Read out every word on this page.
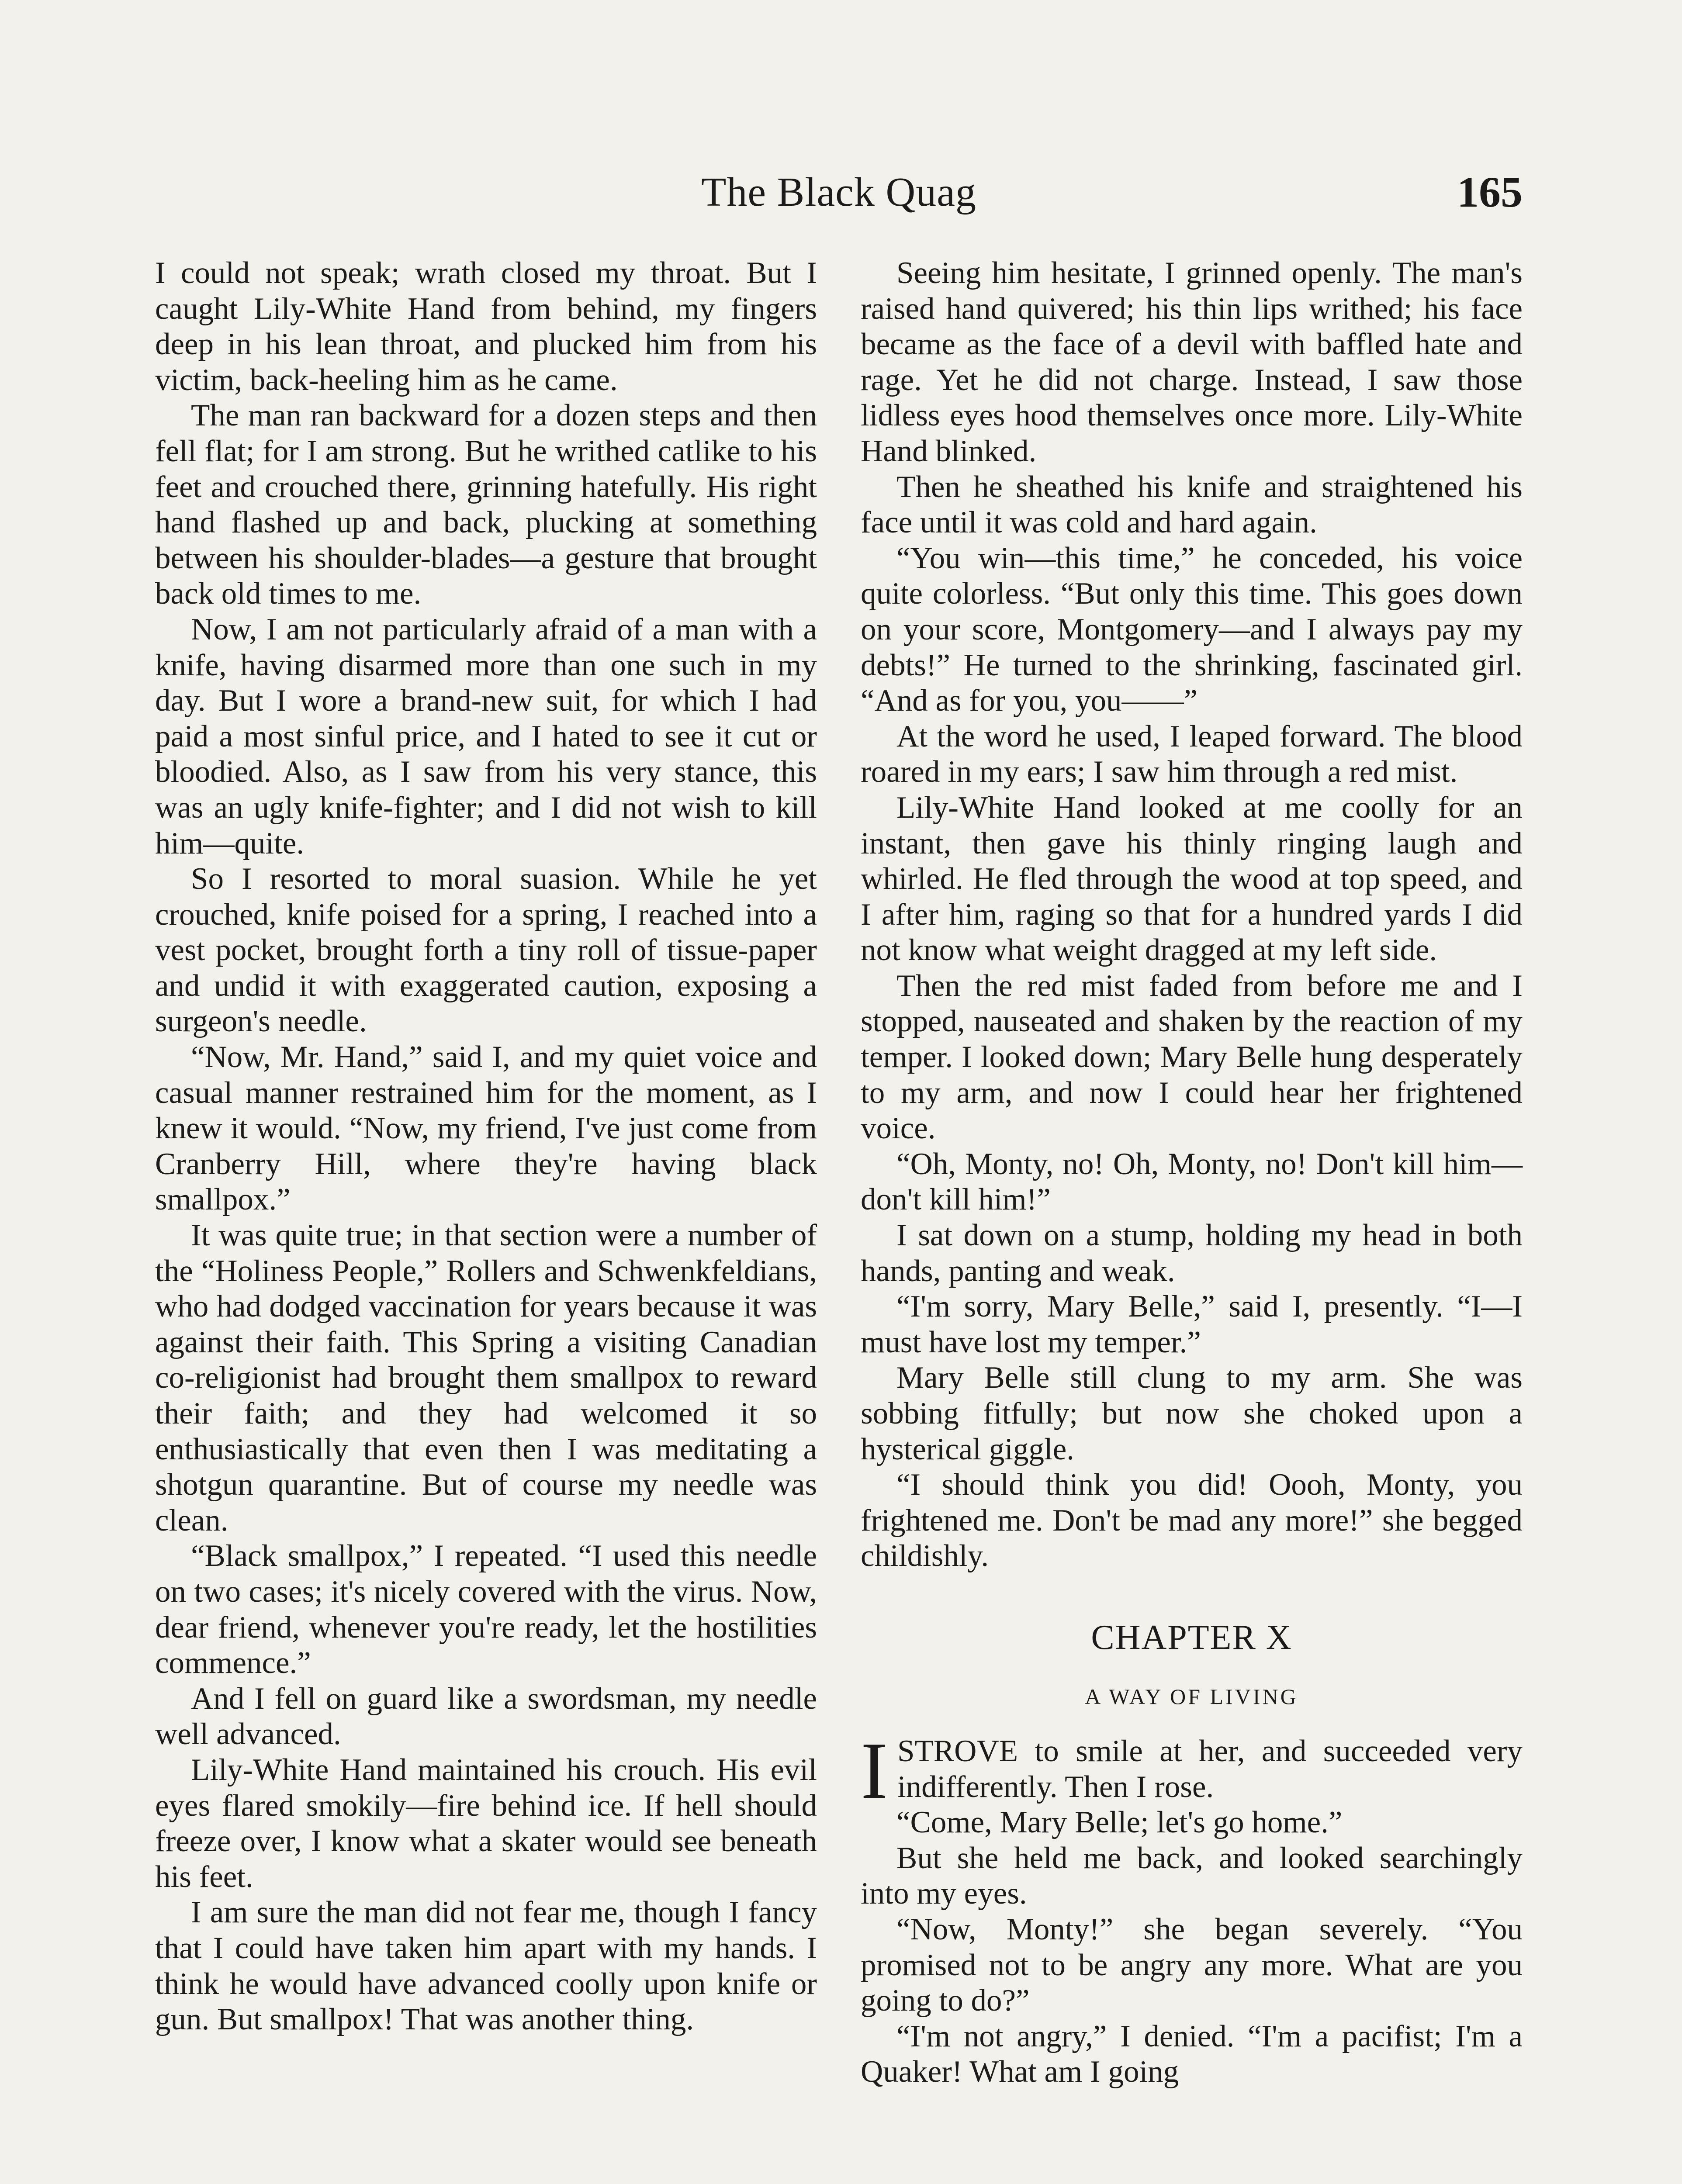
The Black Quag	165

I could not speak; wrath closed my throat. But I caught Lily-White Hand from behind, my fingers deep in his lean throat, and plucked him from his victim, back-heeling him as he came.

The man ran backward for a dozen steps and then fell flat; for I am strong. But he writhed catlike to his feet and crouched there, grinning hatefully. His right hand flashed up and back, plucking at something between his shoulder-blades—a gesture that brought back old times to me.

Now, I am not particularly afraid of a man with a knife, having disarmed more than one such in my day. But I wore a brand-new suit, for which I had paid a most sinful price, and I hated to see it cut or bloodied. Also, as I saw from his very stance, this was an ugly knife-fighter; and I did not wish to kill him—quite.

So I resorted to moral suasion. While he yet crouched, knife poised for a spring, I reached into a vest pocket, brought forth a tiny roll of tissue-paper and undid it with exaggerated caution, exposing a surgeon's needle.

“Now, Mr. Hand,” said I, and my quiet voice and casual manner restrained him for the moment, as I knew it would. “Now, my friend, I've just come from Cranberry Hill, where they're having black smallpox.”

It was quite true; in that section were a number of the “Holiness People,” Rollers and Schwenkfeldians, who had dodged vaccination for years because it was against their faith. This Spring a visiting Canadian co-religionist had brought them smallpox to reward their faith; and they had welcomed it so enthusiastically that even then I was meditating a shotgun quarantine. But of course my needle was clean.

“Black smallpox,” I repeated. “I used this needle on two cases; it's nicely covered with the virus. Now, dear friend, whenever you're ready, let the hostilities commence.”

And I fell on guard like a swordsman, my needle well advanced.

Lily-White Hand maintained his crouch. His evil eyes flared smokily—fire behind ice. If hell should freeze over, I know what a skater would see beneath his feet.

I am sure the man did not fear me, though I fancy that I could have taken him apart with my hands. I think he would have advanced coolly upon knife or gun. But smallpox! That was another thing.

Seeing him hesitate, I grinned openly. The man's raised hand quivered; his thin lips writhed; his face became as the face of a devil with baffled hate and rage. Yet he did not charge. Instead, I saw those lidless eyes hood themselves once more. Lily-White Hand blinked.

Then he sheathed his knife and straightened his face until it was cold and hard again.

“You win—this time,” he conceded, his voice quite colorless. “But only this time. This goes down on your score, Montgomery—and I always pay my debts!” He turned to the shrinking, fascinated girl. “And as for you, you——”

At the word he used, I leaped forward. The blood roared in my ears; I saw him through a red mist.

Lily-White Hand looked at me coolly for an instant, then gave his thinly ringing laugh and whirled. He fled through the wood at top speed, and I after him, raging so that for a hundred yards I did not know what weight dragged at my left side.

Then the red mist faded from before me and I stopped, nauseated and shaken by the reaction of my temper. I looked down; Mary Belle hung desperately to my arm, and now I could hear her frightened voice.

“Oh, Monty, no! Oh, Monty, no! Don't kill him—don't kill him!”

I sat down on a stump, holding my head in both hands, panting and weak.

“I'm sorry, Mary Belle,” said I, presently. “I—I must have lost my temper.”

Mary Belle still clung to my arm. She was sobbing fitfully; but now she choked upon a hysterical giggle.

“I should think you did! Oooh, Monty, you frightened me. Don't be mad any more!” she begged childishly.

CHAPTER X
A WAY OF LIVING

ISTROVE to smile at her, and succeeded very indifferently. Then I rose.

“Come, Mary Belle; let's go home.”

But she held me back, and looked searchingly into my eyes.

“Now, Monty!” she began severely. “You promised not to be angry any more. What are you going to do?”

“I'm not angry,” I denied. “I'm a pacifist; I'm a Quaker! What am I going
